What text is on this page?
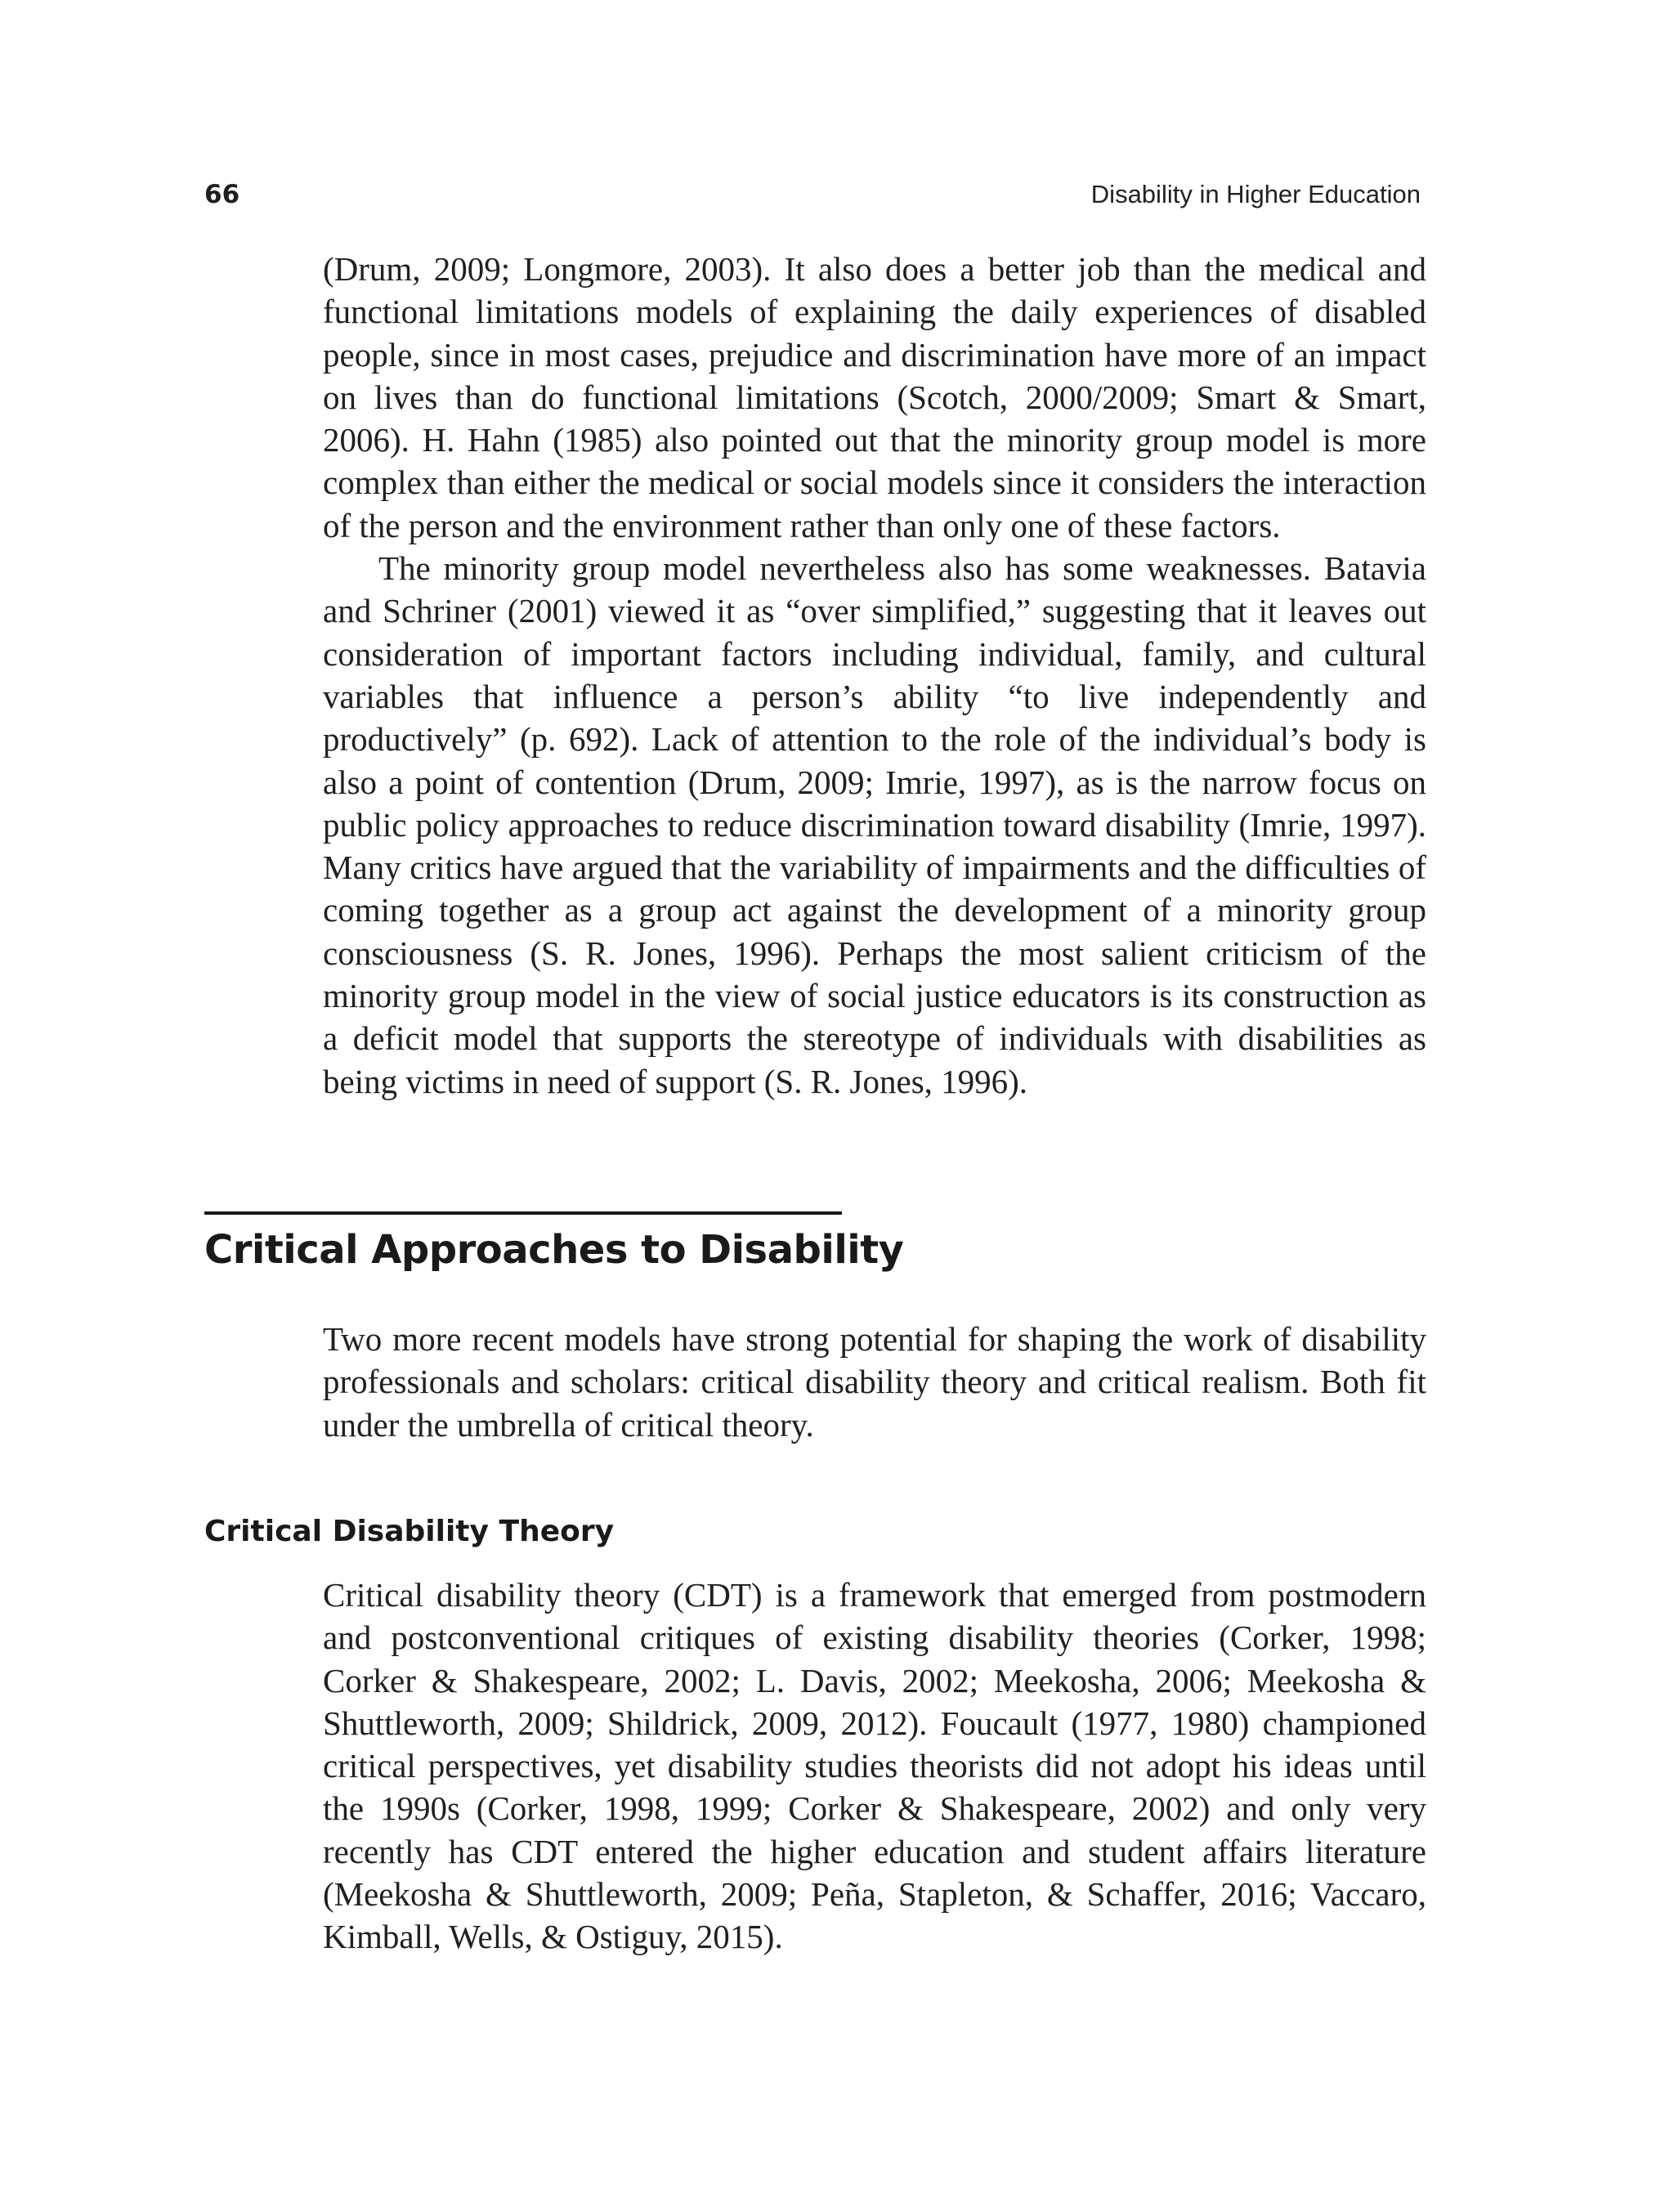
66	Disability in Higher Education

(Drum, 2009; Longmore, 2003). It also does a better job than the medical and functional limitations models of explaining the daily experiences of disabled people, since in most cases, prejudice and discrimination have more of an impact on lives than do functional limitations (Scotch, 2000/2009; Smart & Smart, 2006). H. Hahn (1985) also pointed out that the minority group model is more complex than either the medical or social models since it considers the interaction of the person and the environment rather than only one of these factors.

The minority group model nevertheless also has some weaknesses. Batavia and Schriner (2001) viewed it as “over simplified,” suggesting that it leaves out consideration of important factors including individual, family, and cultural variables that influence a person’s ability “to live independently and productively” (p. 692). Lack of attention to the role of the individual’s body is also a point of contention (Drum, 2009; Imrie, 1997), as is the narrow focus on public policy approaches to reduce discrimination toward disability (Imrie, 1997). Many critics have argued that the variability of impairments and the difficulties of coming together as a group act against the development of a minority group consciousness (S. R. Jones, 1996). Perhaps the most salient criticism of the minority group model in the view of social justice educators is its construction as a deficit model that supports the stereotype of individuals with disabilities as being victims in need of support (S. R. Jones, 1996).

Critical Approaches to Disability

Two more recent models have strong potential for shaping the work of disability professionals and scholars: critical disability theory and critical realism. Both fit under the umbrella of critical theory.

Critical Disability Theory

Critical disability theory (CDT) is a framework that emerged from postmodern and postconventional critiques of existing disability theories (Corker, 1998; Corker & Shakespeare, 2002; L. Davis, 2002; Meekosha, 2006; Meekosha & Shuttleworth, 2009; Shildrick, 2009, 2012). Foucault (1977, 1980) championed critical perspectives, yet disability studies theorists did not adopt his ideas until the 1990s (Corker, 1998, 1999; Corker & Shakespeare, 2002) and only very recently has CDT entered the higher education and student affairs literature (Meekosha & Shuttleworth, 2009; Peña, Stapleton, & Schaffer, 2016; Vaccaro, Kimball, Wells, & Ostiguy, 2015).
